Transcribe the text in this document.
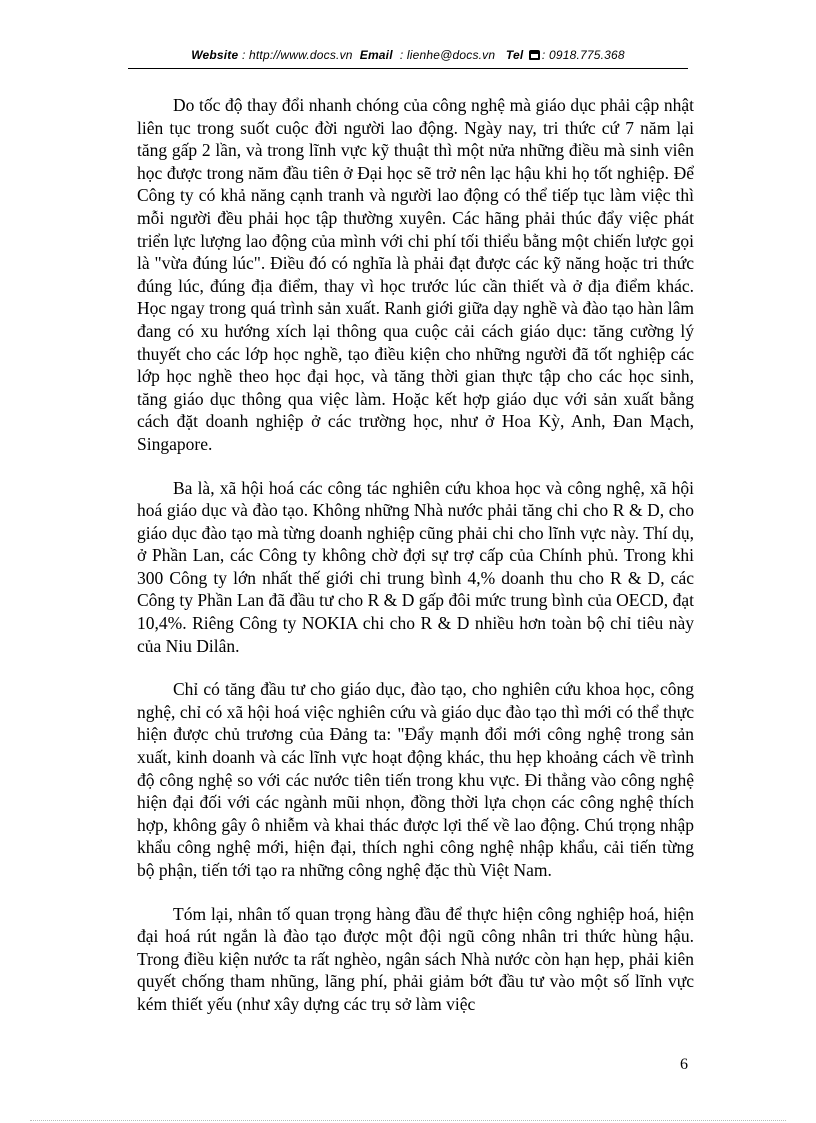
Website : http://www.docs.vn Email : lienhe@docs.vn Tel : 0918.775.368

Do tốc độ thay đổi nhanh chóng của công nghệ mà giáo dục phải cập nhật liên tục trong suốt cuộc đời người lao động. Ngày nay, tri thức cứ 7 năm lại tăng gấp 2 lần, và trong lĩnh vực kỹ thuật thì một nửa những điều mà sinh viên học được trong năm đầu tiên ở Đại học sẽ trở nên lạc hậu khi họ tốt nghiệp. Để Công ty có khả năng cạnh tranh và người lao động có thể tiếp tục làm việc thì mỗi người đều phải học tập thường xuyên. Các hãng phải thúc đẩy việc phát triển lực lượng lao động của mình với chi phí tối thiểu bằng một chiến lược gọi là "vừa đúng lúc". Điều đó có nghĩa là phải đạt được các kỹ năng hoặc tri thức đúng lúc, đúng địa điểm, thay vì học trước lúc cần thiết và ở địa điểm khác. Học ngay trong quá trình sản xuất. Ranh giới giữa dạy nghề và đào tạo hàn lâm đang có xu hướng xích lại thông qua cuộc cải cách giáo dục: tăng cường lý thuyết cho các lớp học nghề, tạo điều kiện cho những người đã tốt nghiệp các lớp học nghề theo học đại học, và tăng thời gian thực tập cho các học sinh, tăng giáo dục thông qua việc làm. Hoặc kết hợp giáo dục với sản xuất bằng cách đặt doanh nghiệp ở các trường học, như ở Hoa Kỳ, Anh, Đan Mạch, Singapore.

Ba là, xã hội hoá các công tác nghiên cứu khoa học và công nghệ, xã hội hoá giáo dục và đào tạo. Không những Nhà nước phải tăng chi cho R & D, cho giáo dục đào tạo mà từng doanh nghiệp cũng phải chi cho lĩnh vực này. Thí dụ, ở Phần Lan, các Công ty không chờ đợi sự trợ cấp của Chính phủ. Trong khi 300 Công ty lớn nhất thế giới chi trung bình 4,% doanh thu cho R & D, các Công ty Phần Lan đã đầu tư cho R & D gấp đôi mức trung bình của OECD, đạt 10,4%. Riêng Công ty NOKIA chi cho R & D nhiều hơn toàn bộ chỉ tiêu này của Niu Dilân.

Chỉ có tăng đầu tư cho giáo dục, đào tạo, cho nghiên cứu khoa học, công nghệ, chỉ có xã hội hoá việc nghiên cứu và giáo dục đào tạo thì mới có thể thực hiện được chủ trương của Đảng ta: "Đẩy mạnh đổi mới công nghệ trong sản xuất, kinh doanh và các lĩnh vực hoạt động khác, thu hẹp khoảng cách về trình độ công nghệ so với các nước tiên tiến trong khu vực. Đi thẳng vào công nghệ hiện đại đối với các ngành mũi nhọn, đồng thời lựa chọn các công nghệ thích hợp, không gây ô nhiễm và khai thác được lợi thế về lao động. Chú trọng nhập khẩu công nghệ mới, hiện đại, thích nghi công nghệ nhập khẩu, cải tiến từng bộ phận, tiến tới tạo ra những công nghệ đặc thù Việt Nam.

Tóm lại, nhân tố quan trọng hàng đầu để thực hiện công nghiệp hoá, hiện đại hoá rút ngắn là đào tạo được một đội ngũ công nhân tri thức hùng hậu. Trong điều kiện nước ta rất nghèo, ngân sách Nhà nước còn hạn hẹp, phải kiên quyết chống tham nhũng, lãng phí, phải giảm bớt đầu tư vào một số lĩnh vực kém thiết yếu (như xây dựng các trụ sở làm việc

6
